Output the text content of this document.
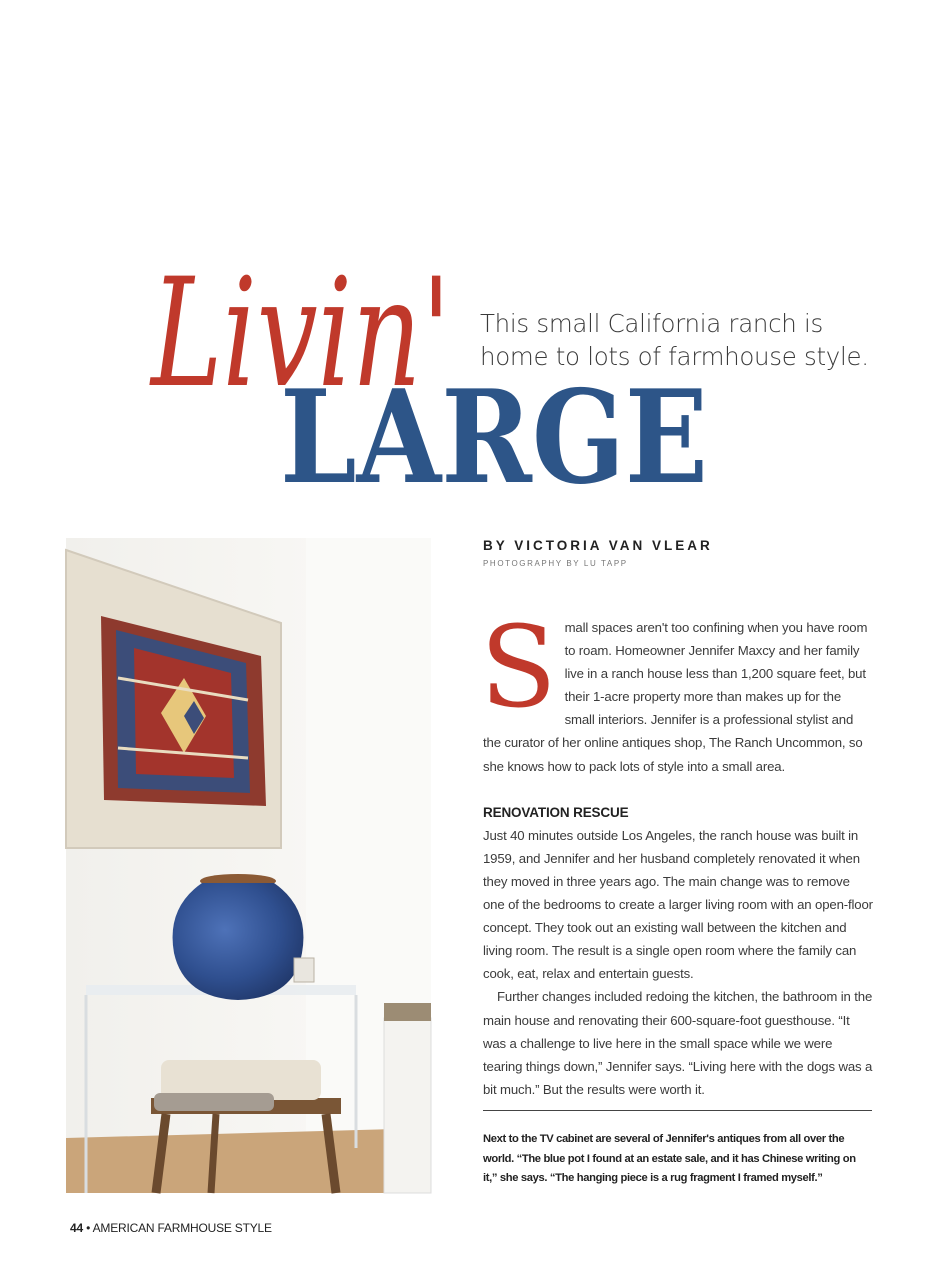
Livin'
LARGE
This small California ranch is home to lots of farmhouse style.
BY VICTORIA VAN VLEAR
PHOTOGRAPHY BY LU TAPP

S mall spaces aren't too confining when you have room to roam. Homeowner Jennifer Maxcy and her family live in a ranch house less than 1,200 square feet, but their 1-acre property more than makes up for the small interiors. Jennifer is a professional stylist and the curator of her online antiques shop, The Ranch Uncommon, so she knows how to pack lots of style into a small area.

RENOVATION RESCUE

Just 40 minutes outside Los Angeles, the ranch house was built in 1959, and Jennifer and her husband completely renovated it when they moved in three years ago. The main change was to remove one of the bedrooms to create a larger living room with an open-floor concept. They took out an existing wall between the kitchen and living room. The result is a single open room where the family can cook, eat, relax and entertain guests.

Further changes included redoing the kitchen, the bathroom in the main house and renovating their 600-square-foot guesthouse. “It was a challenge to live here in the small space while we were tearing things down,” Jennifer says. “Living here with the dogs was a bit much.” But the results were worth it.

Next to the TV cabinet are several of Jennifer's antiques from all over the world. “The blue pot I found at an estate sale, and it has Chinese writing on it,” she says. “The hanging piece is a rug fragment I framed myself.”
44 • AMERICAN FARMHOUSE STYLE
